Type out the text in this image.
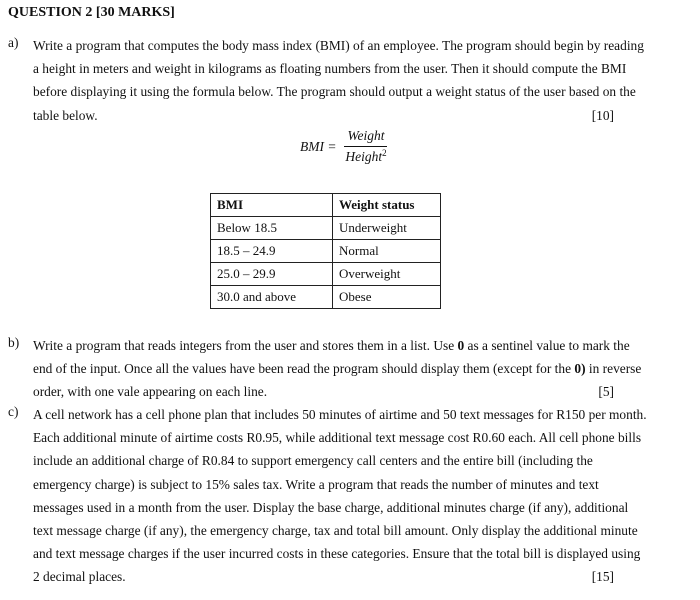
QUESTION 2 [30 MARKS]
a) Write a program that computes the body mass index (BMI) of an employee. The program should begin by reading
a height in meters and weight in kilograms as floating numbers from the user. Then it should compute the BMI
before displaying it using the formula below. The program should output a weight status of the user based on the
table below.	[10]
BMI = $\frac{\text{Weight}}{Height^2}$
BMI	Weight status
Below 18.5	Underweight
18.5 – 24.9	Normal
25.0 – 29.9	Overweight
30.0 and above	Obese
b) Write a program that reads integers from the user and stores them in a list. Use 0 as a sentinel value to mark the
end of the input. Once all the values have been read the program should display them (except for the 0) in reverse
order, with one vale appearing on each line.	[5]
c) A cell network has a cell phone plan that includes 50 minutes of airtime and 50 text messages for R150 per month.
Each additional minute of airtime costs R0.95, while additional text message cost R0.60 each. All cell phone bills
include an additional charge of R0.84 to support emergency call centers and the entire bill (including the
emergency charge) is subject to 15% sales tax. Write a program that reads the number of minutes and text
messages used in a month from the user. Display the base charge, additional minutes charge (if any), additional
text message charge (if any), the emergency charge, tax and total bill amount. Only display the additional minute
and text message charges if the user incurred costs in these categories. Ensure that the total bill is displayed using
2 decimal places.	[15]
